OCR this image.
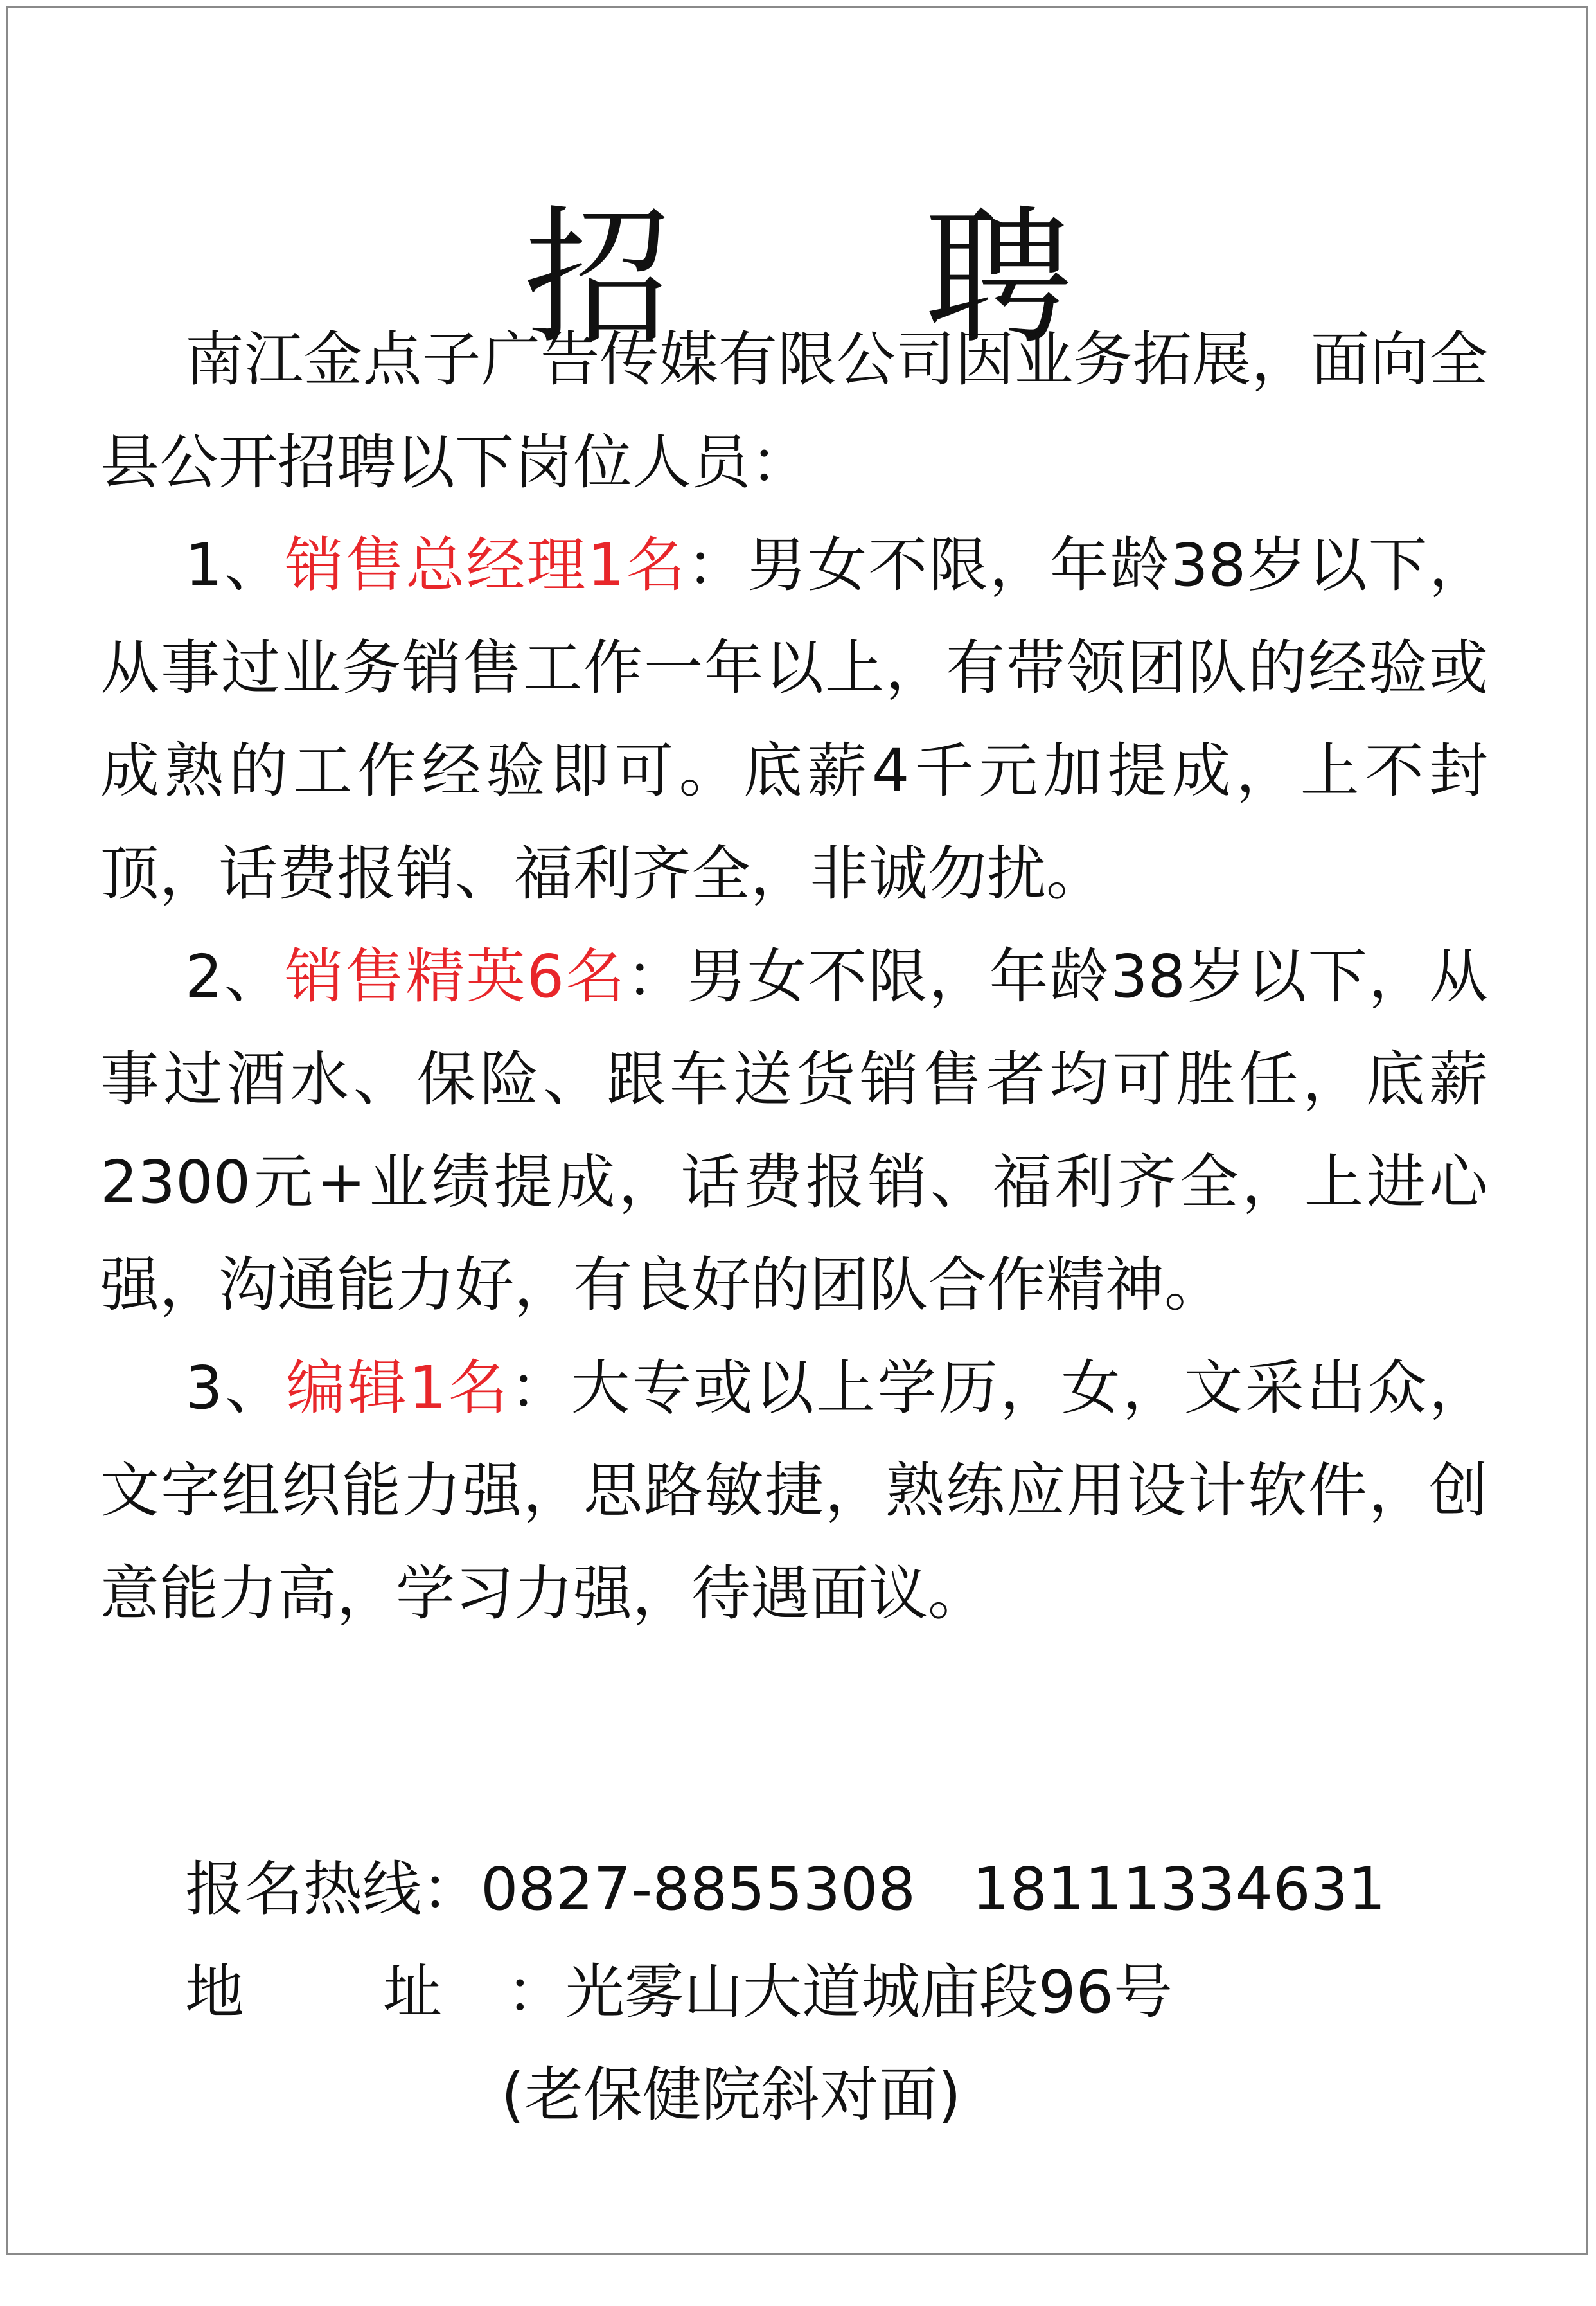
招 聘

南江金点子广告传媒有限公司因业务拓展，面向全县公开招聘以下岗位人员：

1、销售总经理1名：男女不限，年龄38岁以下，从事过业务销售工作一年以上，有带领团队的经验或成熟的工作经验即可。底薪4千元加提成，上不封顶，话费报销、福利齐全，非诚勿扰。

2、销售精英6名：男女不限，年龄38岁以下，从事过酒水、保险、跟车送货销售者均可胜任，底薪2300元+业绩提成，话费报销、福利齐全，上进心强，沟通能力好，有良好的团队合作精神。

3、编辑1名：大专或以上学历，女，文采出众，文字组织能力强，思路敏捷，熟练应用设计软件，创意能力高，学习力强，待遇面议。

报名热线：0827-8855308 18111334631
地 址 ：光雾山大道城庙段96号
(老保健院斜对面)
